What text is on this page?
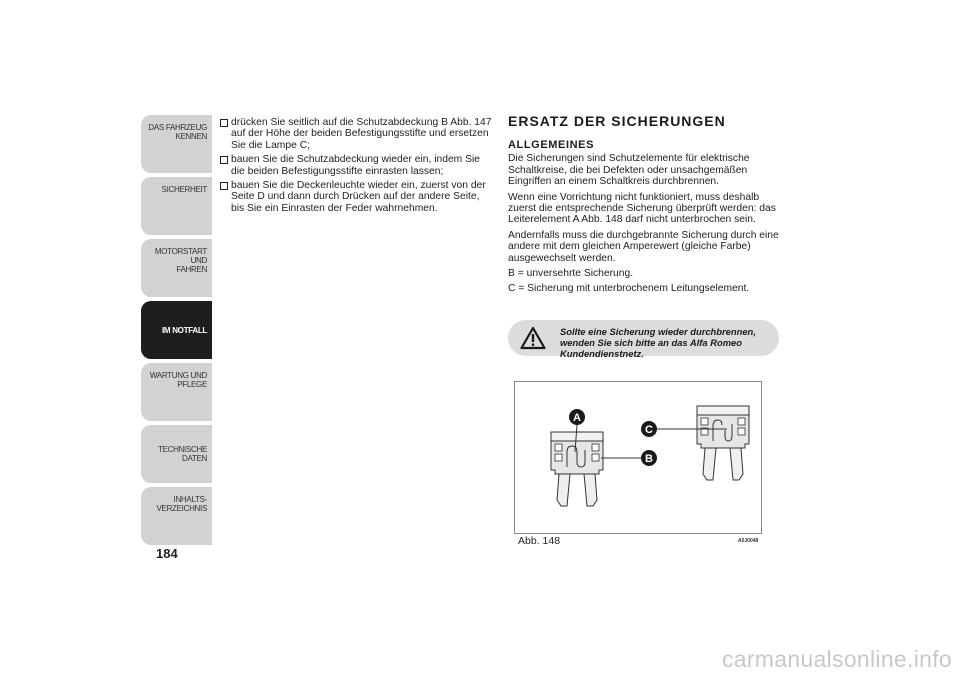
DAS FAHRZEUG
KENNEN
SICHERHEIT
MOTORSTART UND
FAHREN
IM NOTFALL
WARTUNG UND
PFLEGE
TECHNISCHE DATEN
INHALTS-
VERZEICHNIS
184
drücken Sie seitlich auf die Schutzabdeckung B Abb. 147 auf der Höhe der beiden Befestigungsstifte und ersetzen Sie die Lampe C;
bauen Sie die Schutzabdeckung wieder ein, indem Sie die beiden Befestigungsstifte einrasten lassen;
bauen Sie die Deckenleuchte wieder ein, zuerst von der Seite D und dann durch Drücken auf der andere Seite, bis Sie ein Einrasten der Feder wahrnehmen.
ERSATZ DER SICHERUNGEN
ALLGEMEINES

Die Sicherungen sind Schutzelemente für elektrische Schaltkreise, die bei Defekten oder unsachgemäßen Eingriffen an einem Schaltkreis durchbrennen.

Wenn eine Vorrichtung nicht funktioniert, muss deshalb zuerst die entsprechende Sicherung überprüft werden: das Leiterelement A Abb. 148 darf nicht unterbrochen sein.

Andernfalls muss die durchgebrannte Sicherung durch eine andere mit dem gleichen Amperewert (gleiche Farbe) ausgewechselt werden.

B = unversehrte Sicherung.

C = Sicherung mit unterbrochenem Leitungselement.

Sollte eine Sicherung wieder durchbrennen, wenden Sie sich bitte an das Alfa Romeo Kundendienstnetz.
A
B
C
Abb. 148	A0J0048
carmanualsonline.info
